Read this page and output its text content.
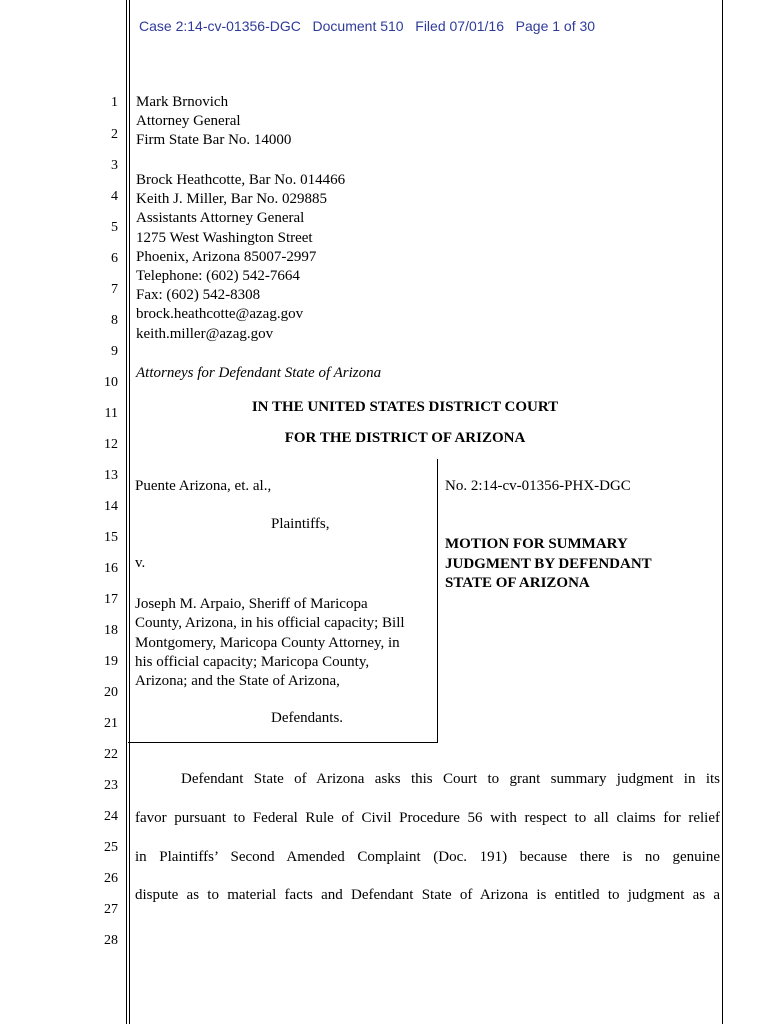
Case 2:14-cv-01356-DGC Document 510 Filed 07/01/16 Page 1 of 30
1
2
3
4
5
6
7
8
9
10
11
12
13
14
15
16
17
18
19
20
21
22
23
24
25
26
27
28
Mark Brnovich
Attorney General
Firm State Bar No. 14000
Brock Heathcotte, Bar No. 014466
Keith J. Miller, Bar No. 029885
Assistants Attorney General
1275 West Washington Street
Phoenix, Arizona 85007-2997
Telephone: (602) 542-7664
Fax: (602) 542-8308
brock.heathcotte@azag.gov
keith.miller@azag.gov
Attorneys for Defendant State of Arizona
IN THE UNITED STATES DISTRICT COURT
FOR THE DISTRICT OF ARIZONA
Puente Arizona, et. al.,
Plaintiffs,
v.
Joseph M. Arpaio, Sheriff of Maricopa
County, Arizona, in his official capacity; Bill
Montgomery, Maricopa County Attorney, in
his official capacity; Maricopa County,
Arizona; and the State of Arizona,
Defendants.
No. 2:14-cv-01356-PHX-DGC
MOTION FOR SUMMARY
JUDGMENT BY DEFENDANT
STATE OF ARIZONA
Defendant State of Arizona asks this Court to grant summary judgment in its
favor pursuant to Federal Rule of Civil Procedure 56 with respect to all claims for relief
in Plaintiffs’ Second Amended Complaint (Doc. 191) because there is no genuine
dispute as to material facts and Defendant State of Arizona is entitled to judgment as a
